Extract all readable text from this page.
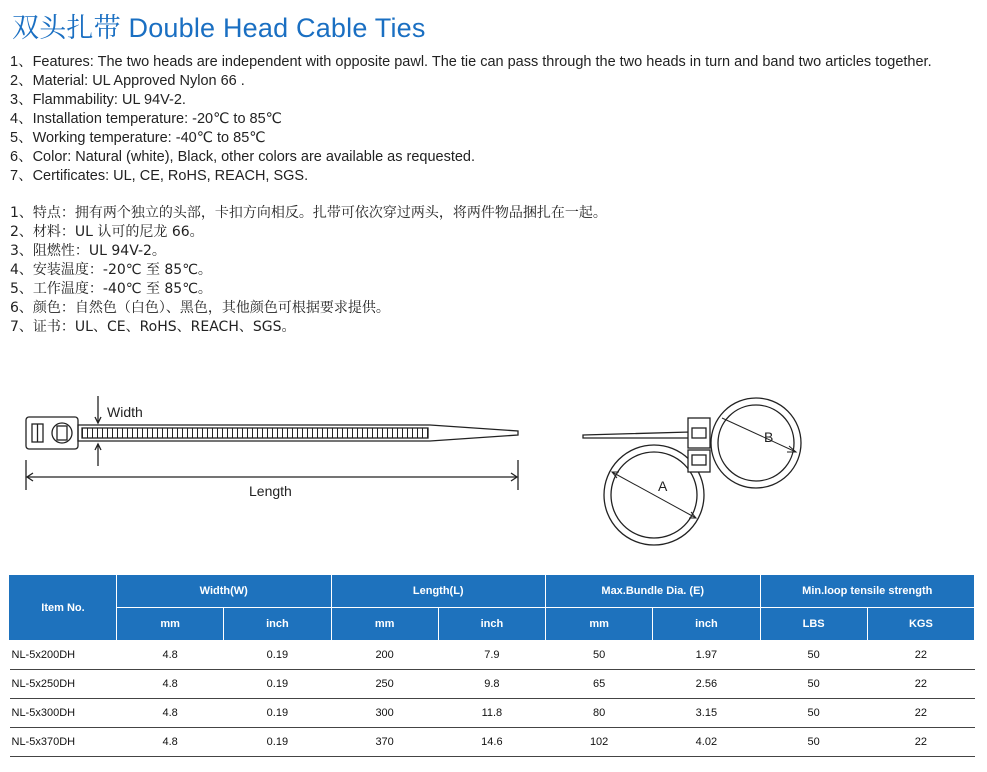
双头扎带 Double Head Cable Ties
1、Features: The two heads are independent with opposite pawl. The tie can pass through the two heads in turn and band two articles together.
2、Material: UL Approved Nylon 66 .
3、Flammability: UL 94V-2.
4、Installation temperature: -20℃ to 85℃
5、Working temperature: -40℃ to 85℃
6、Color: Natural (white), Black, other colors are available as requested.
7、Certificates: UL, CE, RoHS, REACH, SGS.
1、特点：拥有两个独立的头部，卡扣方向相反。扎带可依次穿过两头，将两件物品捆扎在一起。
2、材料：UL 认可的尼龙 66。
3、阻燃性：UL 94V-2。
4、安装温度：-20℃ 至 85℃。
5、工作温度：-40℃ 至 85℃。
6、颜色：自然色（白色）、黑色，其他颜色可根据要求提供。
7、证书：UL、CE、RoHS、REACH、SGS。
Width
Length	A
B
Item No.	Width(W)		Length(L)		Max.Bundle Dia. (E)		Min.loop tensile strength	
	mm	inch	mm	inch	mm	inch	LBS	KGS
NL-5x200DH	4.8	0.19	200	7.9	50	1.97	50	22
NL-5x250DH	4.8	0.19	250	9.8	65	2.56	50	22
NL-5x300DH	4.8	0.19	300	11.8	80	3.15	50	22
NL-5x370DH	4.8	0.19	370	14.6	102	4.02	50	22
